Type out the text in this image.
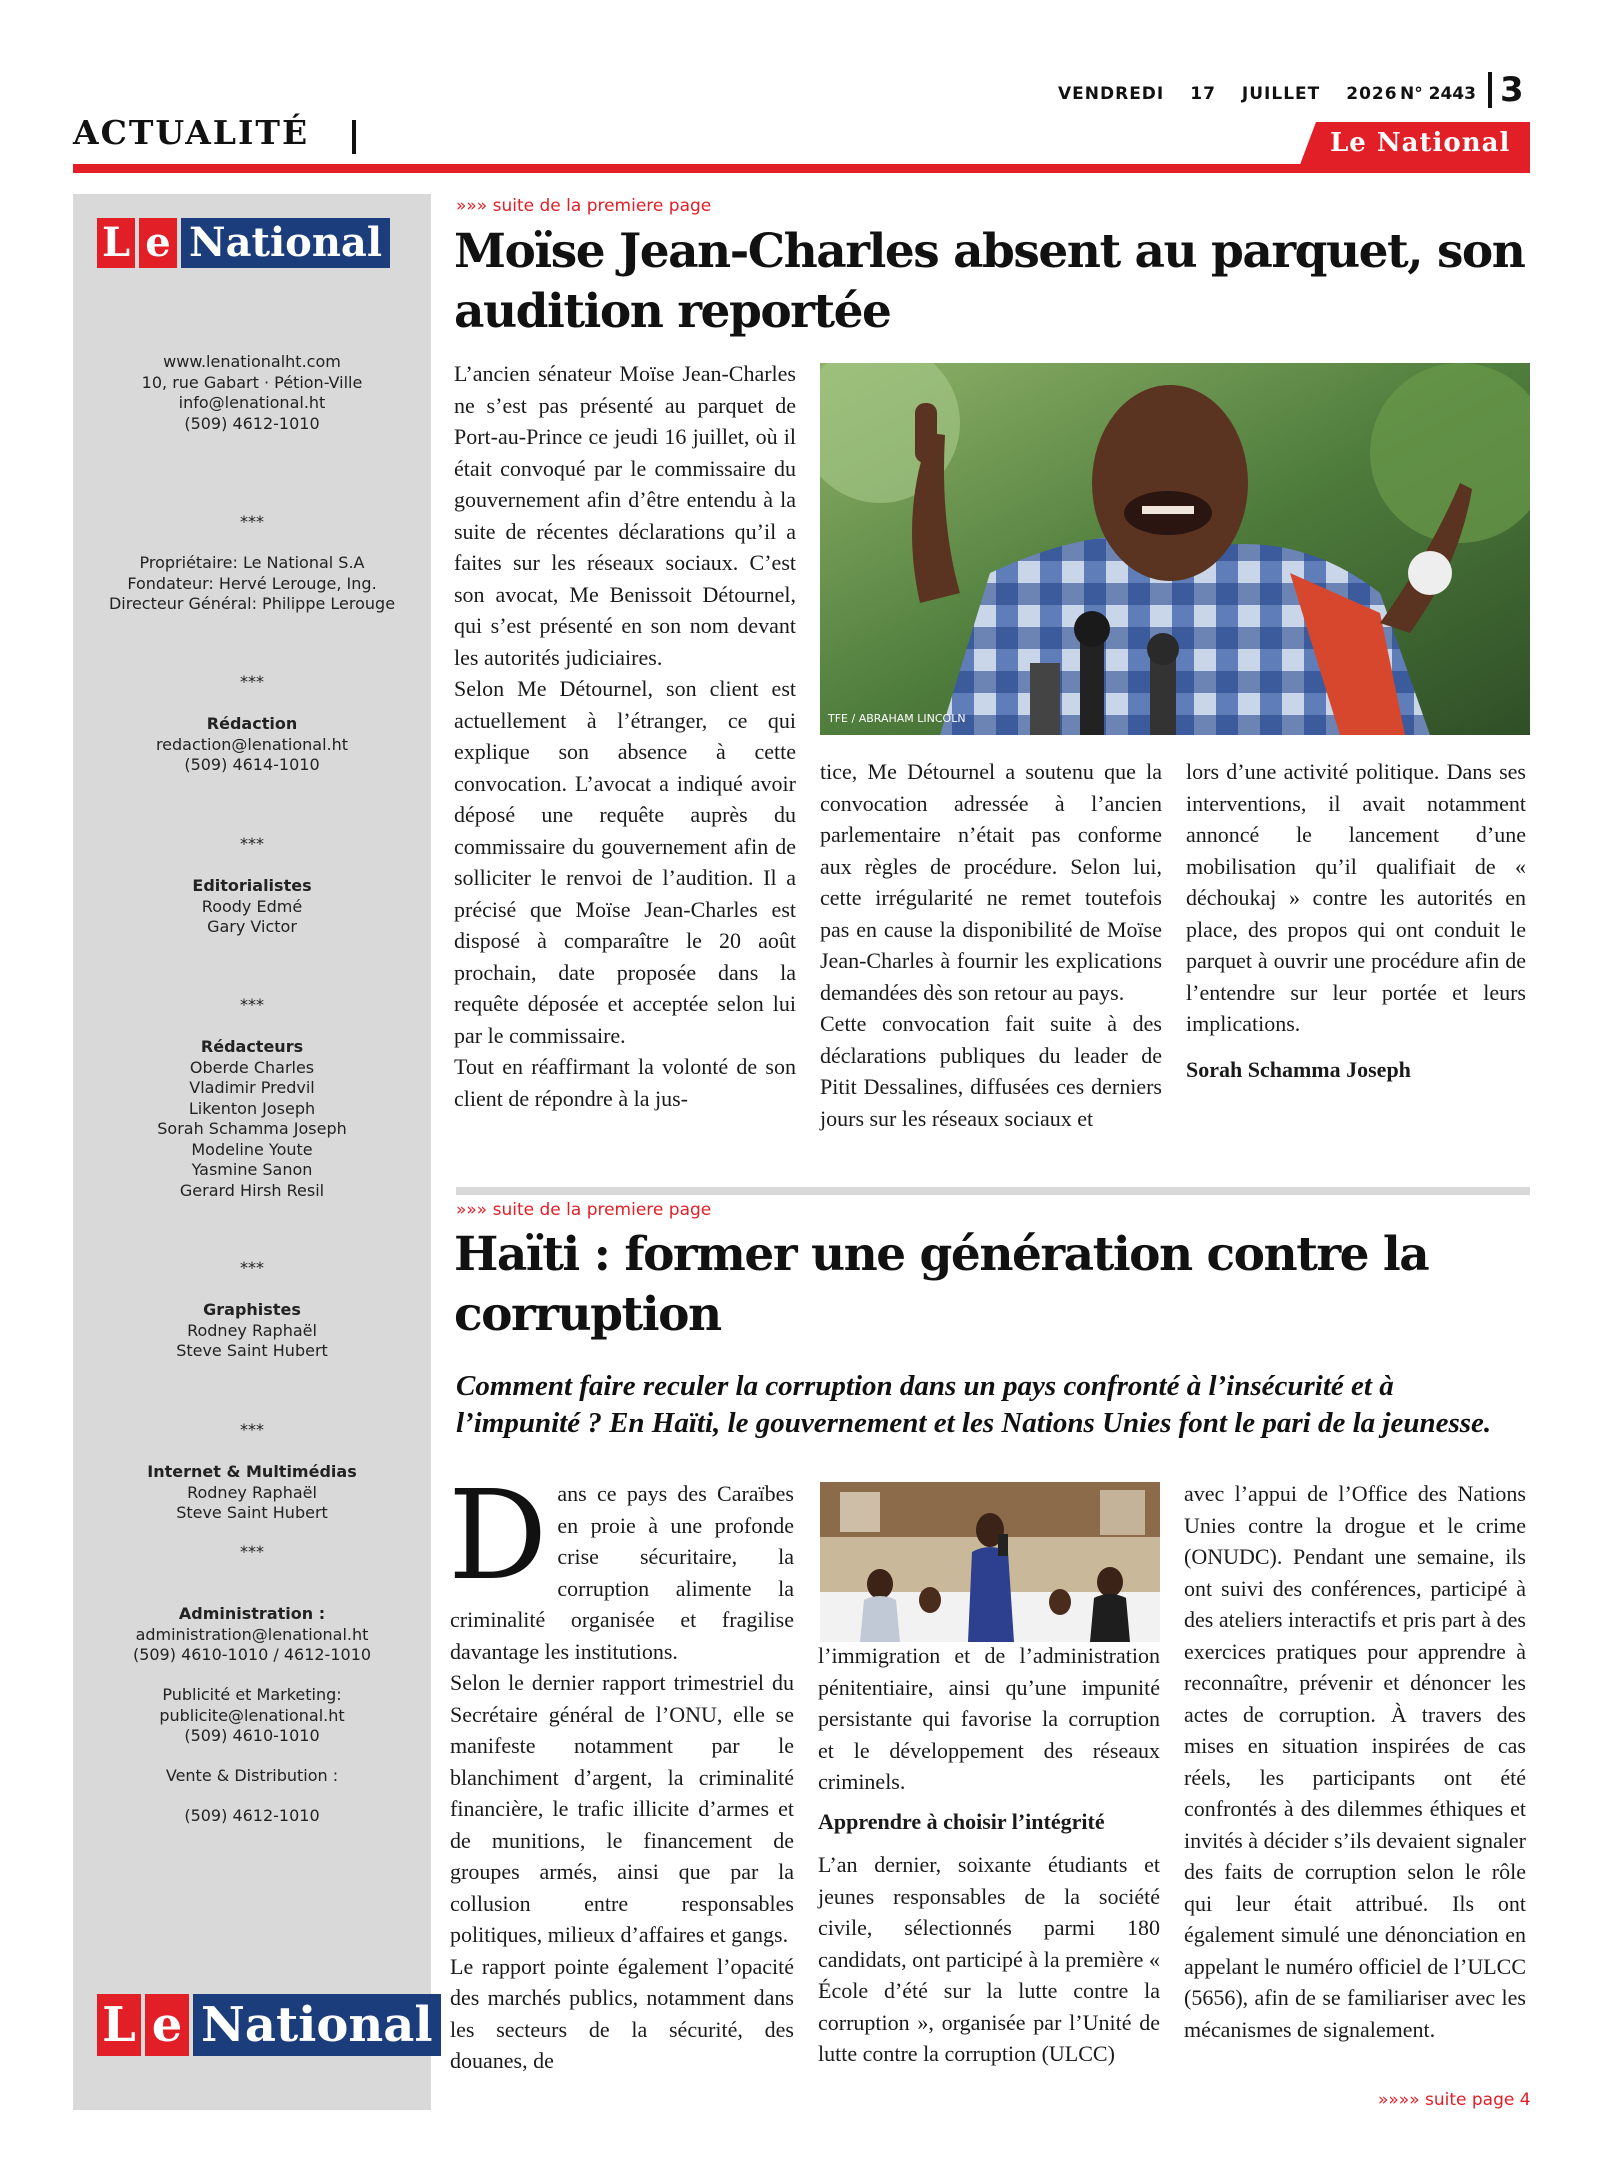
ACTUALITÉ
VENDREDI 17 JUILLET 2026 N° 2443 3
Le National
L e National
www.lenationalht.com
10, rue Gabart · Pétion-Ville
info@lenational.ht
(509) 4612-1010
***
Propriétaire: Le National S.A
Fondateur: Hervé Lerouge, Ing.
Directeur Général: Philippe Lerouge
***
Rédaction
redaction@lenational.ht
(509) 4614-1010
***
Editorialistes
Roody Edmé
Gary Victor
***
Rédacteurs
Oberde Charles
Vladimir Predvil
Likenton Joseph
Sorah Schamma Joseph
Modeline Youte
Yasmine Sanon
Gerard Hirsh Resil
***
Graphistes
Rodney Raphaël
Steve Saint Hubert
***
Internet & Multimédias
Rodney Raphaël
Steve Saint Hubert
***
Administration :
administration@lenational.ht
(509) 4610-1010 / 4612-1010
Publicité et Marketing:
publicite@lenational.ht
(509) 4610-1010
Vente & Distribution :
(509) 4612-1010
L e National
»»» suite de la premiere page
Moïse Jean-Charles absent au parquet, son
audition reportée
TFE / ABRAHAM LINCOLN

L’ancien sénateur Moïse Jean-Charles ne s’est pas présenté au parquet de Port-au-Prince ce jeudi 16 juillet, où il était convoqué par le commissaire du gouvernement afin d’être entendu à la suite de récentes déclarations qu’il a faites sur les réseaux sociaux. C’est son avocat, Me Benissoit Détournel, qui s’est présenté en son nom devant les autorités judiciaires.

Selon Me Détournel, son client est actuellement à l’étranger, ce qui explique son absence à cette convocation. L’avocat a indiqué avoir déposé une requête auprès du commissaire du gouvernement afin de solliciter le renvoi de l’audition. Il a précisé que Moïse Jean-Charles est disposé à comparaître le 20 août prochain, date proposée dans la requête déposée et acceptée selon lui par le commissaire.

Tout en réaffirmant la volonté de son client de répondre à la jus-

tice, Me Détournel a soutenu que la convocation adressée à l’ancien parlementaire n’était pas conforme aux règles de procédure. Selon lui, cette irrégularité ne remet toutefois pas en cause la disponibilité de Moïse Jean-Charles à fournir les explications demandées dès son retour au pays.

Cette convocation fait suite à des déclarations publiques du leader de Pitit Dessalines, diffusées ces derniers jours sur les réseaux sociaux et

lors d’une activité politique. Dans ses interventions, il avait notamment annoncé le lancement d’une mobilisation qu’il qualifiait de « déchoukaj » contre les autorités en place, des propos qui ont conduit le parquet à ouvrir une procédure afin de l’entendre sur leur portée et leurs implications.

Sorah Schamma Joseph

»»» suite de la premiere page
Haïti : former une génération contre la
corruption
Comment faire reculer la corruption dans un pays confronté à l’insécurité et à l’impunité ? En Haïti, le gouvernement et les Nations Unies font le pari de la jeunesse.

Dans ce pays des Caraïbes en proie à une profonde crise sécuritaire, la corruption alimente la criminalité organisée et fragilise davantage les institutions.

Selon le dernier rapport trimestriel du Secrétaire général de l’ONU, elle se manifeste notamment par le blanchiment d’argent, la criminalité financière, le trafic illicite d’armes et de munitions, le financement de groupes armés, ainsi que par la collusion entre responsables politiques, milieux d’affaires et gangs.

Le rapport pointe également l’opacité des marchés publics, notamment dans les secteurs de la sécurité, des douanes, de

l’immigration et de l’administration pénitentiaire, ainsi qu’une impunité persistante qui favorise la corruption et le développement des réseaux criminels.

Apprendre à choisir l’intégrité

L’an dernier, soixante étudiants et jeunes responsables de la société civile, sélectionnés parmi 180 candidats, ont participé à la première « École d’été sur la lutte contre la corruption », organisée par l’Unité de lutte contre la corruption (ULCC)

avec l’appui de l’Office des Nations Unies contre la drogue et le crime (ONUDC). Pendant une semaine, ils ont suivi des conférences, participé à des ateliers interactifs et pris part à des exercices pratiques pour apprendre à reconnaître, prévenir et dénoncer les actes de corruption. À travers des mises en situation inspirées de cas réels, les participants ont été confrontés à des dilemmes éthiques et invités à décider s’ils devaient signaler des faits de corruption selon le rôle qui leur était attribué. Ils ont également simulé une dénonciation en appelant le numéro officiel de l’ULCC (5656), afin de se familiariser avec les mécanismes de signalement.

»»»» suite page 4
